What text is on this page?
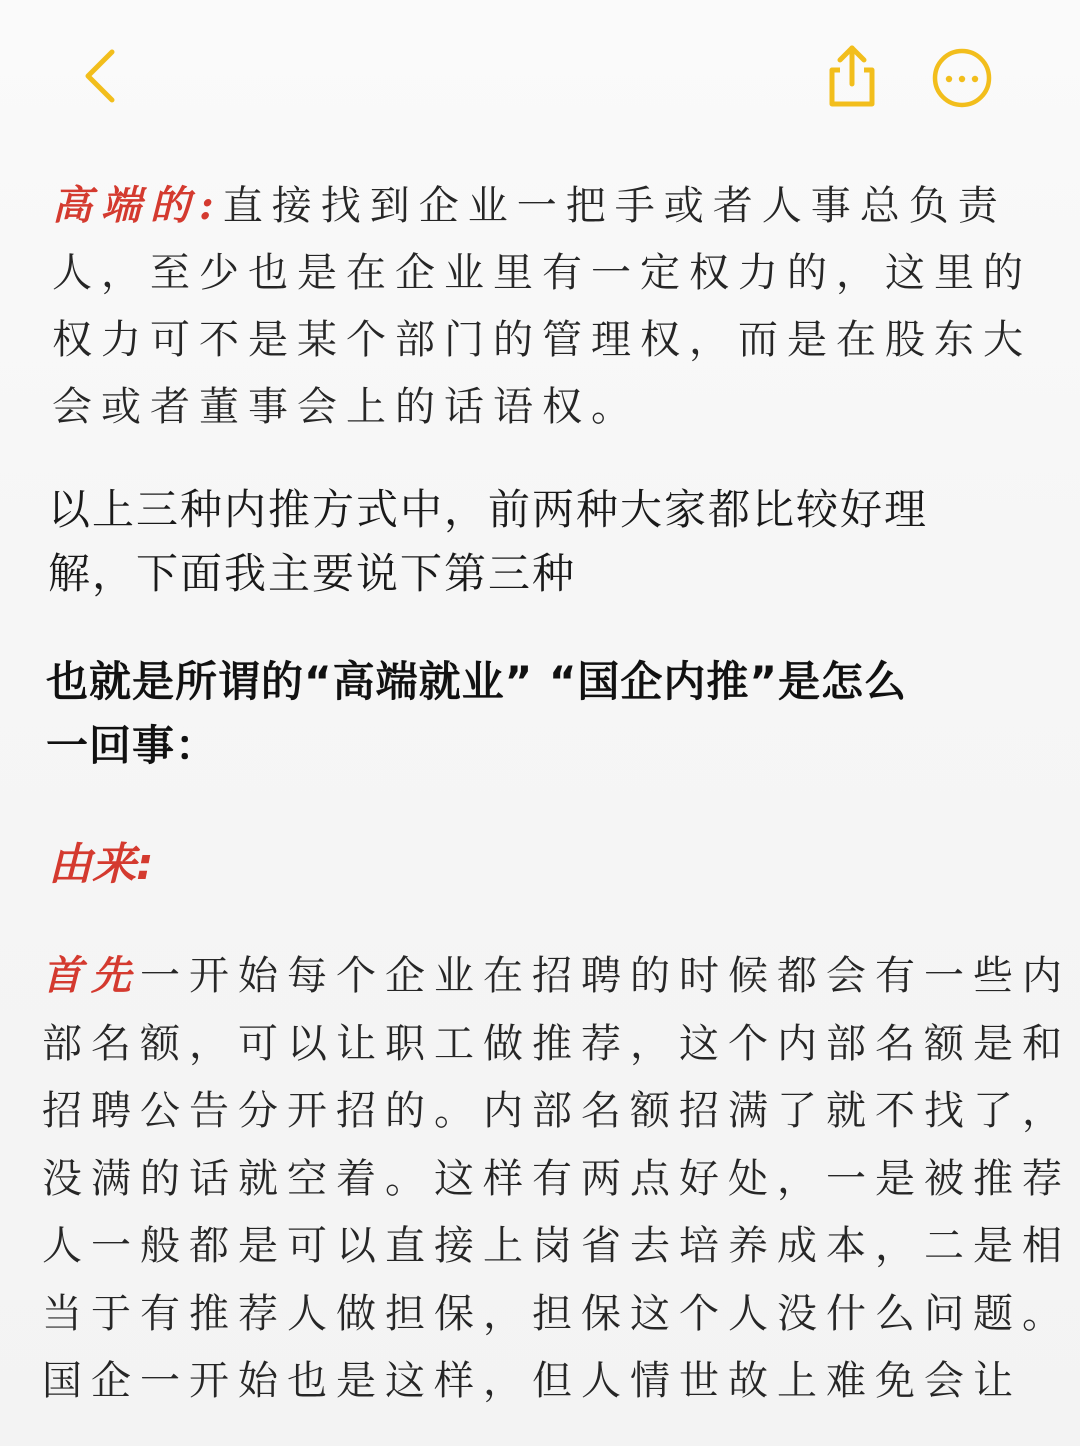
高端的:直接找到企业一把手或者人事总负责
人，至少也是在企业里有一定权力的，这里的
权力可不是某个部门的管理权，而是在股东大
会或者董事会上的话语权。

以上三种内推方式中，前两种大家都比较好理
解，下面我主要说下第三种

也就是所谓的“高端就业” “国企内推”是怎么
一回事：

由来:

首先一开始每个企业在招聘的时候都会有一些内
部名额，可以让职工做推荐，这个内部名额是和
招聘公告分开招的。内部名额招满了就不找了，
没满的话就空着。这样有两点好处，一是被推荐
人一般都是可以直接上岗省去培养成本，二是相
当于有推荐人做担保，担保这个人没什么问题。
国企一开始也是这样，但人情世故上难免会让
